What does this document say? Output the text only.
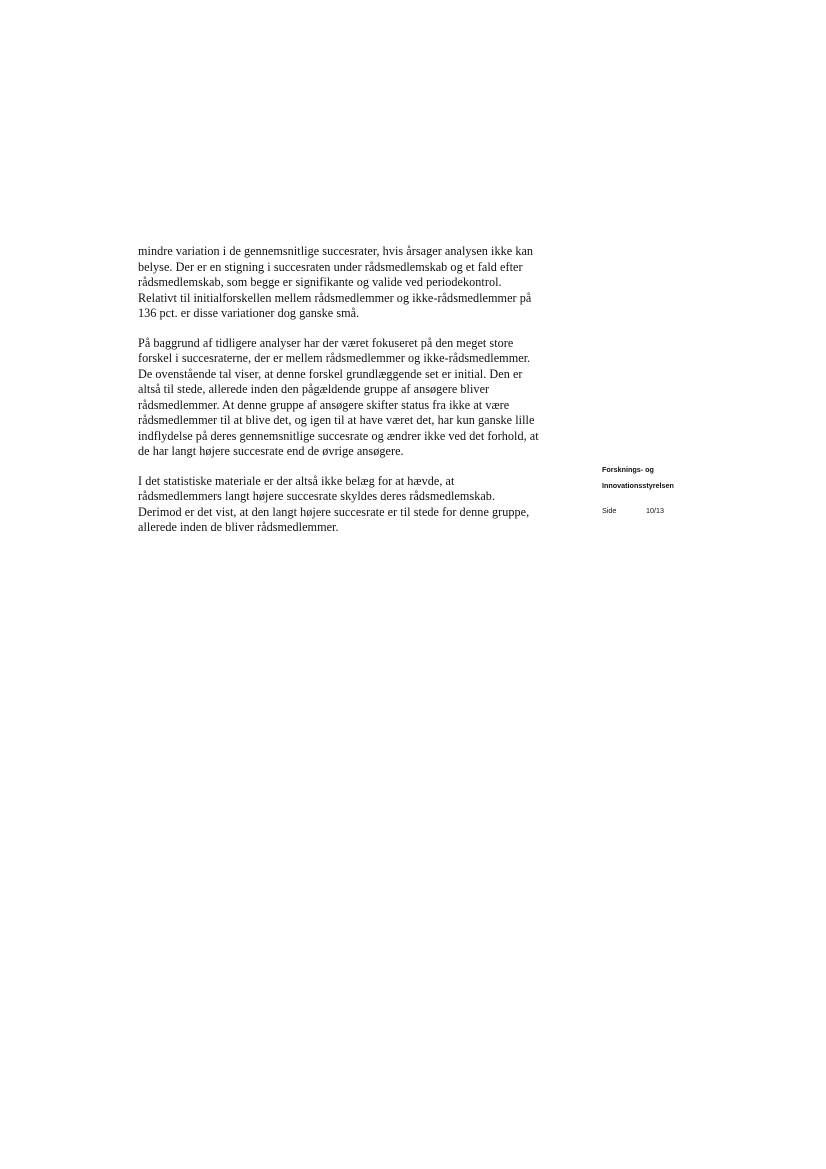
mindre variation i de gennemsnitlige succesrater, hvis årsager analysen ikke kan
belyse. Der er en stigning i succesraten under rådsmedlemskab og et fald efter
rådsmedlemskab, som begge er signifikante og valide ved periodekontrol.
Relativt til initialforskellen mellem rådsmedlemmer og ikke-rådsmedlemmer på
136 pct. er disse variationer dog ganske små.

På baggrund af tidligere analyser har der været fokuseret på den meget store
forskel i succesraterne, der er mellem rådsmedlemmer og ikke-rådsmedlemmer.
De ovenstående tal viser, at denne forskel grundlæggende set er initial. Den er
altså til stede, allerede inden den pågældende gruppe af ansøgere bliver
rådsmedlemmer. At denne gruppe af ansøgere skifter status fra ikke at være
rådsmedlemmer til at blive det, og igen til at have været det, har kun ganske lille
indflydelse på deres gennemsnitlige succesrate og ændrer ikke ved det forhold, at
de har langt højere succesrate end de øvrige ansøgere.

I det statistiske materiale er der altså ikke belæg for at hævde, at
rådsmedlemmers langt højere succesrate skyldes deres rådsmedlemskab.
Derimod er det vist, at den langt højere succesrate er til stede for denne gruppe,
allerede inden de bliver rådsmedlemmer.

Forsknings- og
Innovationsstyrelsen
Side	10/13
